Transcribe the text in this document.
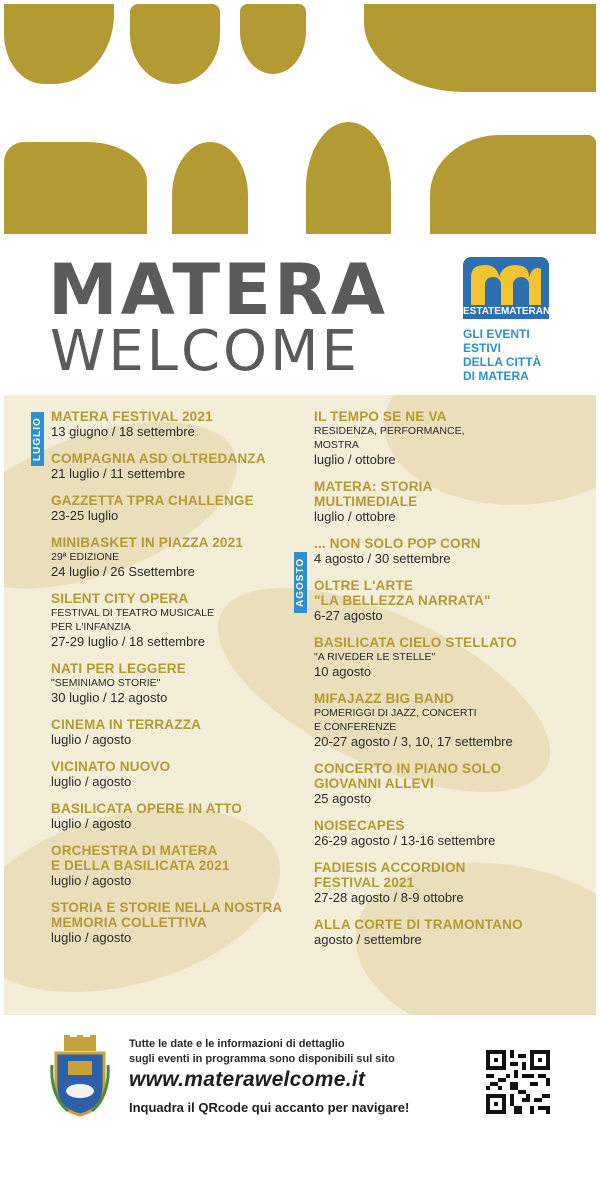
MATERA
WELCOME
ESTATEMATERANA
GLI EVENTI
ESTIVI
DELLA CITTÀ
DI MATERA
LUGLIO
AGOSTO
MATERA FESTIVAL 2021
13 giugno / 18 settembre
COMPAGNIA ASD OLTREDANZA
21 luglio / 11 settembre
GAZZETTA TPRA CHALLENGE
23-25 luglio
MINIBASKET IN PIAZZA 2021
29ª EDIZIONE
24 luglio / 26 Ssettembre
SILENT CITY OPERA
FESTIVAL DI TEATRO MUSICALE
PER L'INFANZIA
27-29 luglio / 18 settembre
NATI PER LEGGERE
"SEMINIAMO STORIE"
30 luglio / 12 agosto
CINEMA IN TERRAZZA
luglio / agosto
VICINATO NUOVO
luglio / agosto
BASILICATA OPERE IN ATTO
luglio / agosto
ORCHESTRA DI MATERA
E DELLA BASILICATA 2021
luglio / agosto
STORIA E STORIE NELLA NOSTRA
MEMORIA COLLETTIVA
luglio / agosto
IL TEMPO SE NE VA
RESIDENZA, PERFORMANCE,
MOSTRA
luglio / ottobre
MATERA: STORIA
MULTIMEDIALE
luglio / ottobre
... NON SOLO POP CORN
4 agosto / 30 settembre
OLTRE L'ARTE
"LA BELLEZZA NARRATA"
6-27 agosto
BASILICATA CIELO STELLATO
"A RIVEDER LE STELLE"
10 agosto
MIFAJAZZ BIG BAND
POMERIGGI DI JAZZ, CONCERTI
E CONFERENZE
20-27 agosto / 3, 10, 17 settembre
CONCERTO IN PIANO SOLO
GIOVANNI ALLEVI
25 agosto
NOISECAPES
26-29 agosto / 13-16 settembre
FADIESIS ACCORDION
FESTIVAL 2021
27-28 agosto / 8-9 ottobre
ALLA CORTE DI TRAMONTANO
agosto / settembre
Tutte le date e le informazioni di dettaglio
sugli eventi in programma sono disponibili sul sito
www.materawelcome.it
Inquadra il QRcode qui accanto per navigare!
